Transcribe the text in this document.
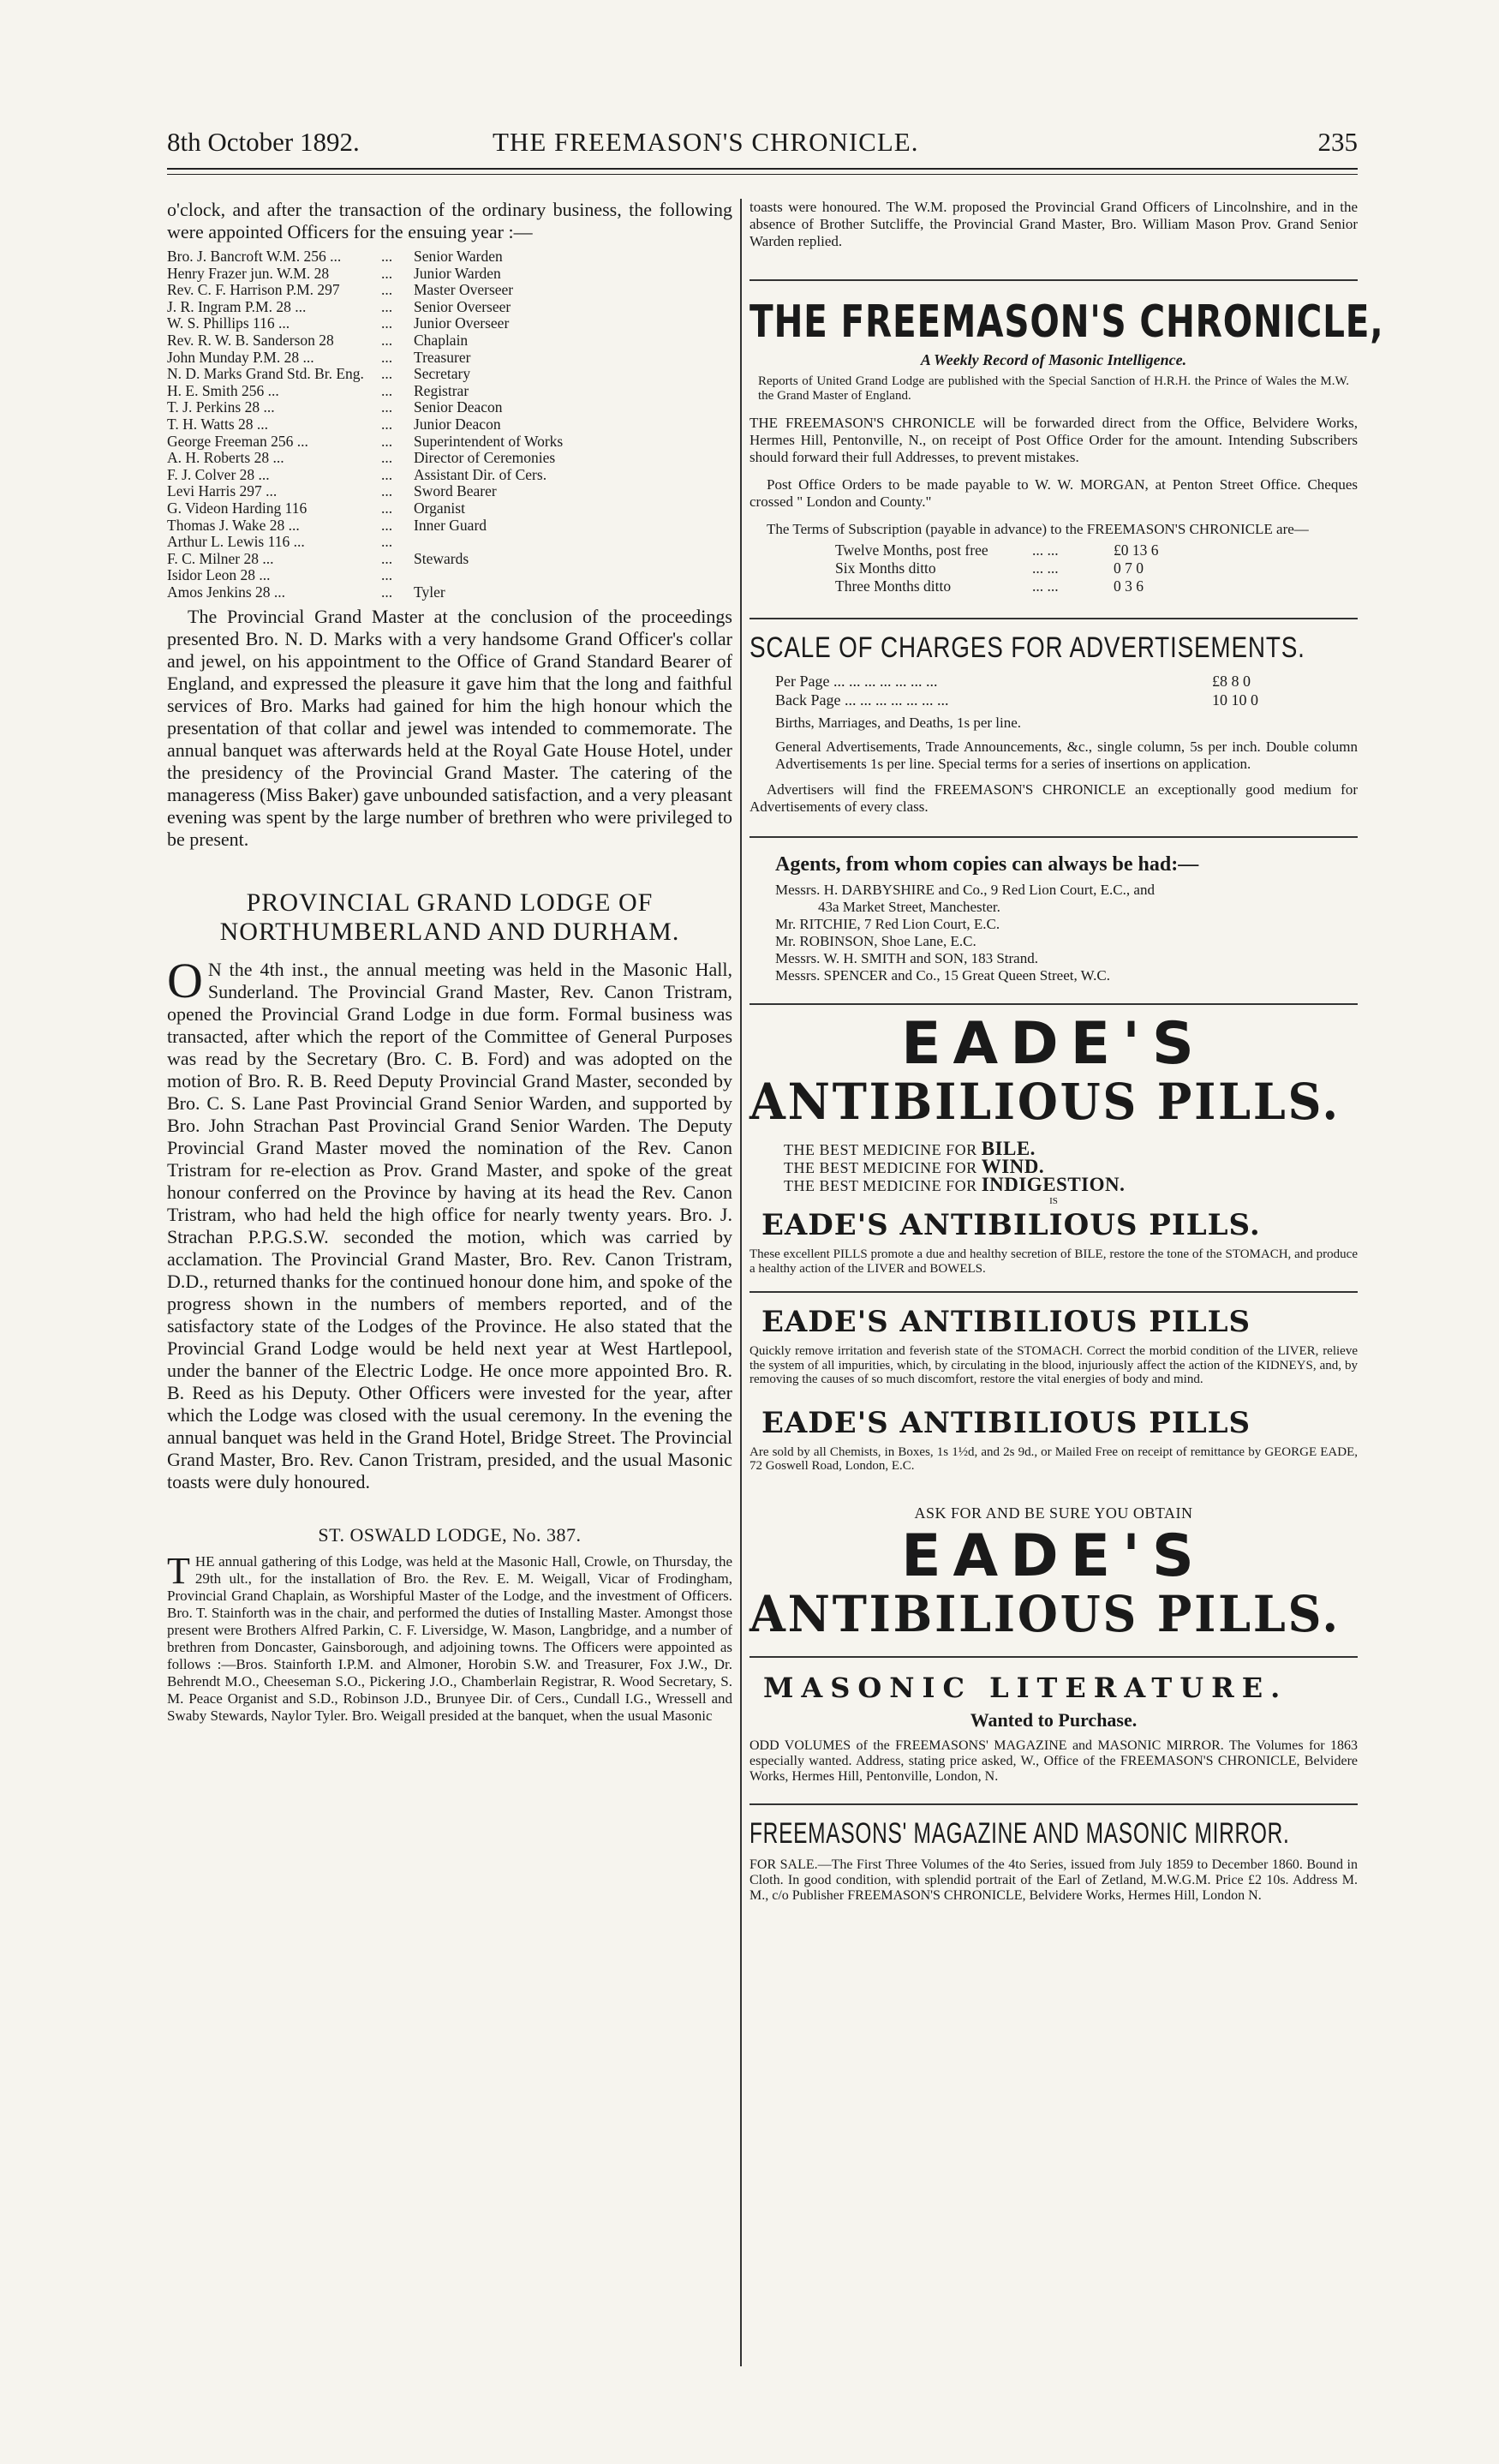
8th October 1892.	THE FREEMASON'S CHRONICLE.	235

o'clock, and after the transaction of the ordinary business, the following were appointed Officers for the ensuing year :—

Bro. J. Bancroft W.M. 256 ...	...	Senior Warden
Henry Frazer jun. W.M. 28	...	Junior Warden
Rev. C. F. Harrison P.M. 297	...	Master Overseer
J. R. Ingram P.M. 28 ...	...	Senior Overseer
W. S. Phillips 116 ...	...	Junior Overseer
Rev. R. W. B. Sanderson 28	...	Chaplain
John Munday P.M. 28 ...	...	Treasurer
N. D. Marks Grand Std. Br. Eng.	...	Secretary
H. E. Smith 256 ...	...	Registrar
T. J. Perkins 28 ...	...	Senior Deacon
T. H. Watts 28 ...	...	Junior Deacon
George Freeman 256 ...	...	Superintendent of Works
A. H. Roberts 28 ...	...	Director of Ceremonies
F. J. Colver 28 ...	...	Assistant Dir. of Cers.
Levi Harris 297 ...	...	Sword Bearer
G. Videon Harding 116	...	Organist
Thomas J. Wake 28 ...	...	Inner Guard
Arthur L. Lewis 116 ...	...
F. C. Milner 28 ...	...	Stewards
Isidor Leon 28 ...	...
Amos Jenkins 28 ...	...	Tyler

The Provincial Grand Master at the conclusion of the proceedings presented Bro. N. D. Marks with a very handsome Grand Officer's collar and jewel, on his appointment to the Office of Grand Standard Bearer of England, and expressed the pleasure it gave him that the long and faithful services of Bro. Marks had gained for him the high honour which the presentation of that collar and jewel was intended to commemorate. The annual banquet was afterwards held at the Royal Gate House Hotel, under the presidency of the Provincial Grand Master. The catering of the manageress (Miss Baker) gave unbounded satisfaction, and a very pleasant evening was spent by the large number of brethren who were privileged to be present.

PROVINCIAL GRAND LODGE OF
NORTHUMBERLAND AND DURHAM.

O N the 4th inst., the annual meeting was held in the Masonic Hall, Sunderland. The Provincial Grand Master, Rev. Canon Tristram, opened the Provincial Grand Lodge in due form. Formal business was transacted, after which the report of the Committee of General Purposes was read by the Secretary (Bro. C. B. Ford) and was adopted on the motion of Bro. R. B. Reed Deputy Provincial Grand Master, seconded by Bro. C. S. Lane Past Provincial Grand Senior Warden, and supported by Bro. John Strachan Past Provincial Grand Senior Warden. The Deputy Provincial Grand Master moved the nomination of the Rev. Canon Tristram for re-election as Prov. Grand Master, and spoke of the great honour conferred on the Province by having at its head the Rev. Canon Tristram, who had held the high office for nearly twenty years. Bro. J. Strachan P.P.G.S.W. seconded the motion, which was carried by acclamation. The Provincial Grand Master, Bro. Rev. Canon Tristram, D.D., returned thanks for the continued honour done him, and spoke of the progress shown in the numbers of members reported, and of the satisfactory state of the Lodges of the Province. He also stated that the Provincial Grand Lodge would be held next year at West Hartlepool, under the banner of the Electric Lodge. He once more appointed Bro. R. B. Reed as his Deputy. Other Officers were invested for the year, after which the Lodge was closed with the usual ceremony. In the evening the annual banquet was held in the Grand Hotel, Bridge Street. The Provincial Grand Master, Bro. Rev. Canon Tristram, presided, and the usual Masonic toasts were duly honoured.

ST. OSWALD LODGE, No. 387.

THE annual gathering of this Lodge, was held at the Masonic Hall, Crowle, on Thursday, the 29th ult., for the installation of Bro. the Rev. E. M. Weigall, Vicar of Frodingham, Provincial Grand Chaplain, as Worshipful Master of the Lodge, and the investment of Officers. Bro. T. Stainforth was in the chair, and performed the duties of Installing Master. Amongst those present were Brothers Alfred Parkin, C. F. Liversidge, W. Mason, Langbridge, and a number of brethren from Doncaster, Gainsborough, and adjoining towns. The Officers were appointed as follows :—Bros. Stainforth I.P.M. and Almoner, Horobin S.W. and Treasurer, Fox J.W., Dr. Behrendt M.O., Cheeseman S.O., Pickering J.O., Chamberlain Registrar, R. Wood Secretary, S. M. Peace Organist and S.D., Robinson J.D., Brunyee Dir. of Cers., Cundall I.G., Wressell and Swaby Stewards, Naylor Tyler. Bro. Weigall presided at the banquet, when the usual Masonic

toasts were honoured. The W.M. proposed the Provincial Grand Officers of Lincolnshire, and in the absence of Brother Sutcliffe, the Provincial Grand Master, Bro. William Mason Prov. Grand Senior Warden replied.

THE FREEMASON'S CHRONICLE,
A Weekly Record of Masonic Intelligence.

Reports of United Grand Lodge are published with the Special Sanction of H.R.H. the Prince of Wales the M.W. the Grand Master of England.

THE FREEMASON'S CHRONICLE will be forwarded direct from the Office, Belvidere Works, Hermes Hill, Pentonville, N., on receipt of Post Office Order for the amount. Intending Subscribers should forward their full Addresses, to prevent mistakes.

Post Office Orders to be made payable to W. W. MORGAN, at Penton Street Office. Cheques crossed " London and County."

The Terms of Subscription (payable in advance) to the FREEMASON'S CHRONICLE are—

Twelve Months, post free	... ...	£0 13 6
Six Months ditto	... ...	0 7 0
Three Months ditto	... ...	0 3 6
SCALE OF CHARGES FOR ADVERTISEMENTS.
Per Page ... ... ... ... ... ... ...	£8 8 0
Back Page ... ... ... ... ... ... ...	10 10 0

Births, Marriages, and Deaths, 1s per line.

General Advertisements, Trade Announcements, &c., single column, 5s per inch. Double column Advertisements 1s per line. Special terms for a series of insertions on application.

Advertisers will find the FREEMASON'S CHRONICLE an exceptionally good medium for Advertisements of every class.

Agents, from whom copies can always be had:—
Messrs. H. DARBYSHIRE and Co., 9 Red Lion Court, E.C., and
43a Market Street, Manchester.
Mr. RITCHIE, 7 Red Lion Court, E.C.
Mr. ROBINSON, Shoe Lane, E.C.
Messrs. W. H. SMITH and SON, 183 Strand.
Messrs. SPENCER and Co., 15 Great Queen Street, W.C.
EADE'S
ANTIBILIOUS PILLS.
THE BEST MEDICINE FOR BILE.
THE BEST MEDICINE FOR WIND.
THE BEST MEDICINE FOR INDIGESTION.
IS
EADE'S ANTIBILIOUS PILLS.

These excellent PILLS promote a due and healthy secretion of BILE, restore the tone of the STOMACH, and produce a healthy action of the LIVER and BOWELS.

EADE'S ANTIBILIOUS PILLS

Quickly remove irritation and feverish state of the STOMACH. Correct the morbid condition of the LIVER, relieve the system of all impurities, which, by circulating in the blood, injuriously affect the action of the KIDNEYS, and, by removing the causes of so much discomfort, restore the vital energies of body and mind.

EADE'S ANTIBILIOUS PILLS

Are sold by all Chemists, in Boxes, 1s 1½d, and 2s 9d., or Mailed Free on receipt of remittance by GEORGE EADE, 72 Goswell Road, London, E.C.

ASK FOR AND BE SURE YOU OBTAIN
EADE'S
ANTIBILIOUS PILLS.
MASONIC LITERATURE.
Wanted to Purchase.

ODD VOLUMES of the FREEMASONS' MAGAZINE and MASONIC MIRROR. The Volumes for 1863 especially wanted. Address, stating price asked, W., Office of the FREEMASON'S CHRONICLE, Belvidere Works, Hermes Hill, Pentonville, London, N.

FREEMASONS' MAGAZINE AND MASONIC MIRROR.

FOR SALE.—The First Three Volumes of the 4to Series, issued from July 1859 to December 1860. Bound in Cloth. In good condition, with splendid portrait of the Earl of Zetland, M.W.G.M. Price £2 10s. Address M. M., c/o Publisher FREEMASON'S CHRONICLE, Belvidere Works, Hermes Hill, London N.
